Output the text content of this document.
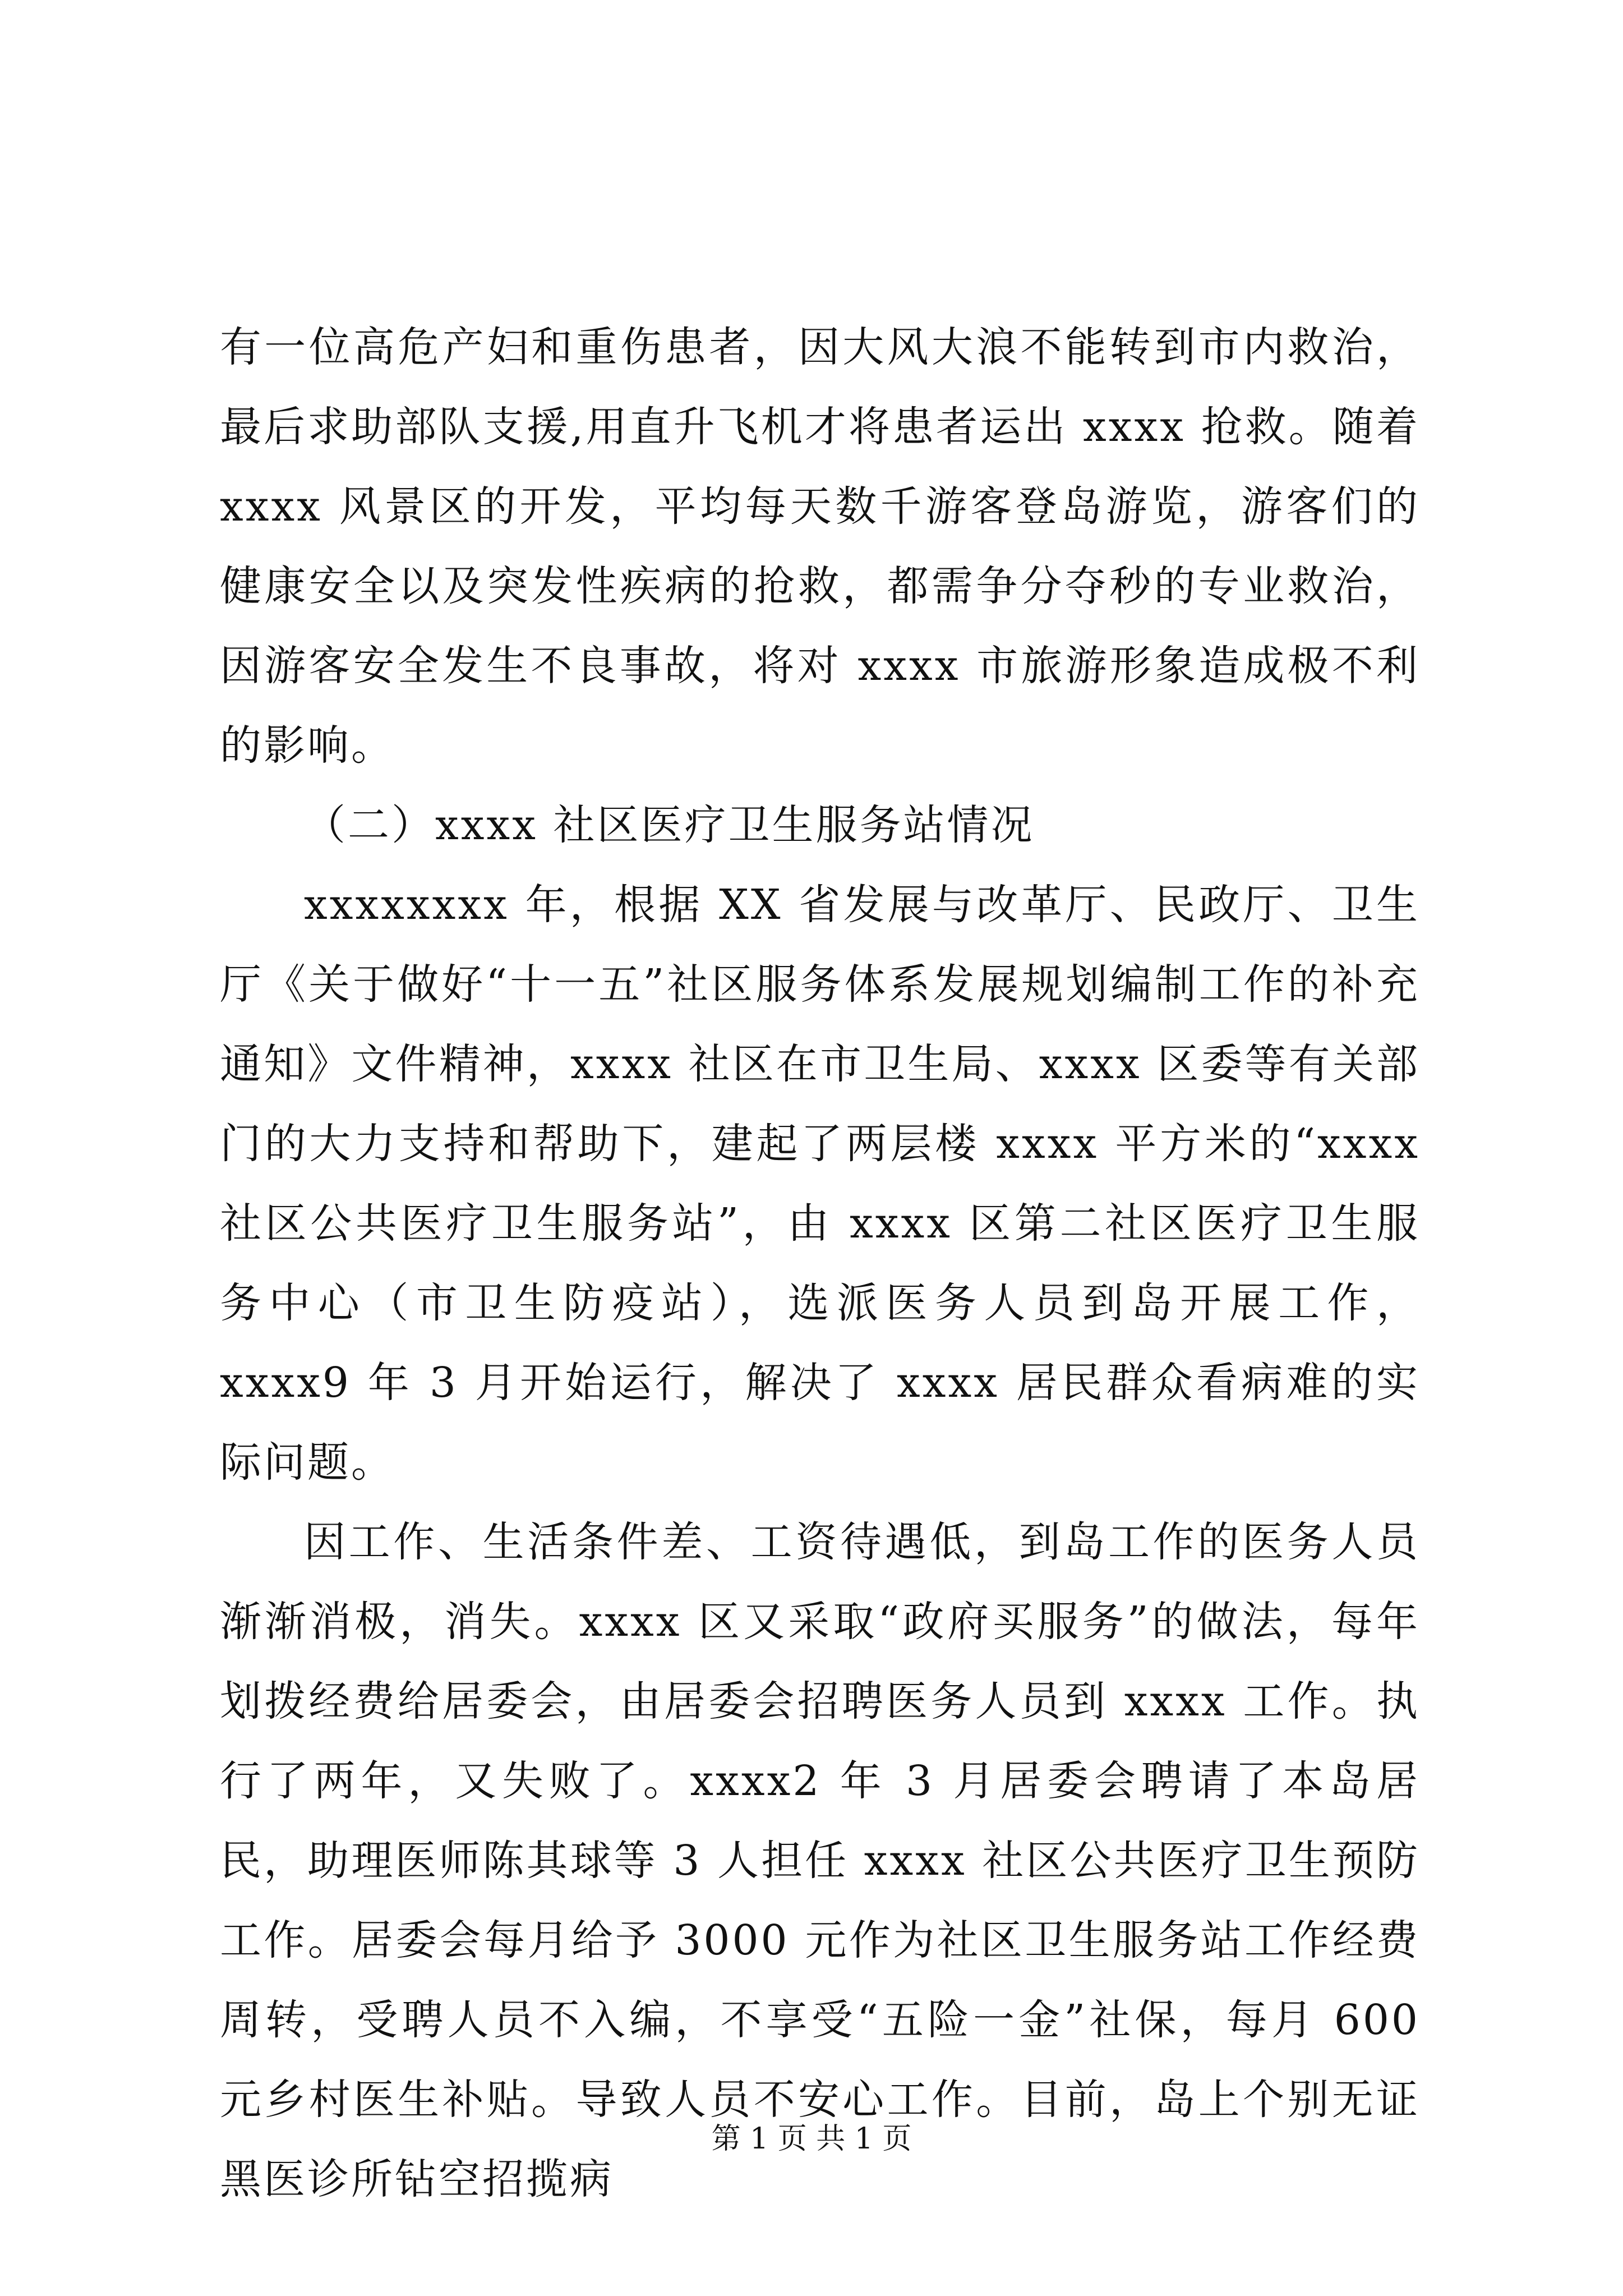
有一位高危产妇和重伤患者，因大风大浪不能转到市内救治，最后求助部队支援,用直升飞机才将患者运出 xxxx 抢救。随着 xxxx 风景区的开发，平均每天数千游客登岛游览，游客们的健康安全以及突发性疾病的抢救，都需争分夺秒的专业救治，因游客安全发生不良事故，将对 xxxx 市旅游形象造成极不利的影响。

（二）xxxx 社区医疗卫生服务站情况

xxxxxxxx 年，根据 XX 省发展与改革厅、民政厅、卫生厅《关于做好“十一五”社区服务体系发展规划编制工作的补充通知》文件精神，xxxx 社区在市卫生局、xxxx 区委等有关部门的大力支持和帮助下，建起了两层楼 xxxx 平方米的“xxxx 社区公共医疗卫生服务站”，由 xxxx 区第二社区医疗卫生服务中心（市卫生防疫站），选派医务人员到岛开展工作，xxxx9 年 3 月开始运行，解决了 xxxx 居民群众看病难的实际问题。

因工作、生活条件差、工资待遇低，到岛工作的医务人员渐渐消极，消失。xxxx 区又采取“政府买服务”的做法，每年划拨经费给居委会，由居委会招聘医务人员到 xxxx 工作。执行了两年，又失败了。xxxx2 年 3 月居委会聘请了本岛居民，助理医师陈其球等 3 人担任 xxxx 社区公共医疗卫生预防工作。居委会每月给予 3000 元作为社区卫生服务站工作经费周转，受聘人员不入编，不享受“五险一金”社保，每月 600 元乡村医生补贴。导致人员不安心工作。目前，岛上个别无证黑医诊所钻空招揽病

第 1 页 共 1 页
